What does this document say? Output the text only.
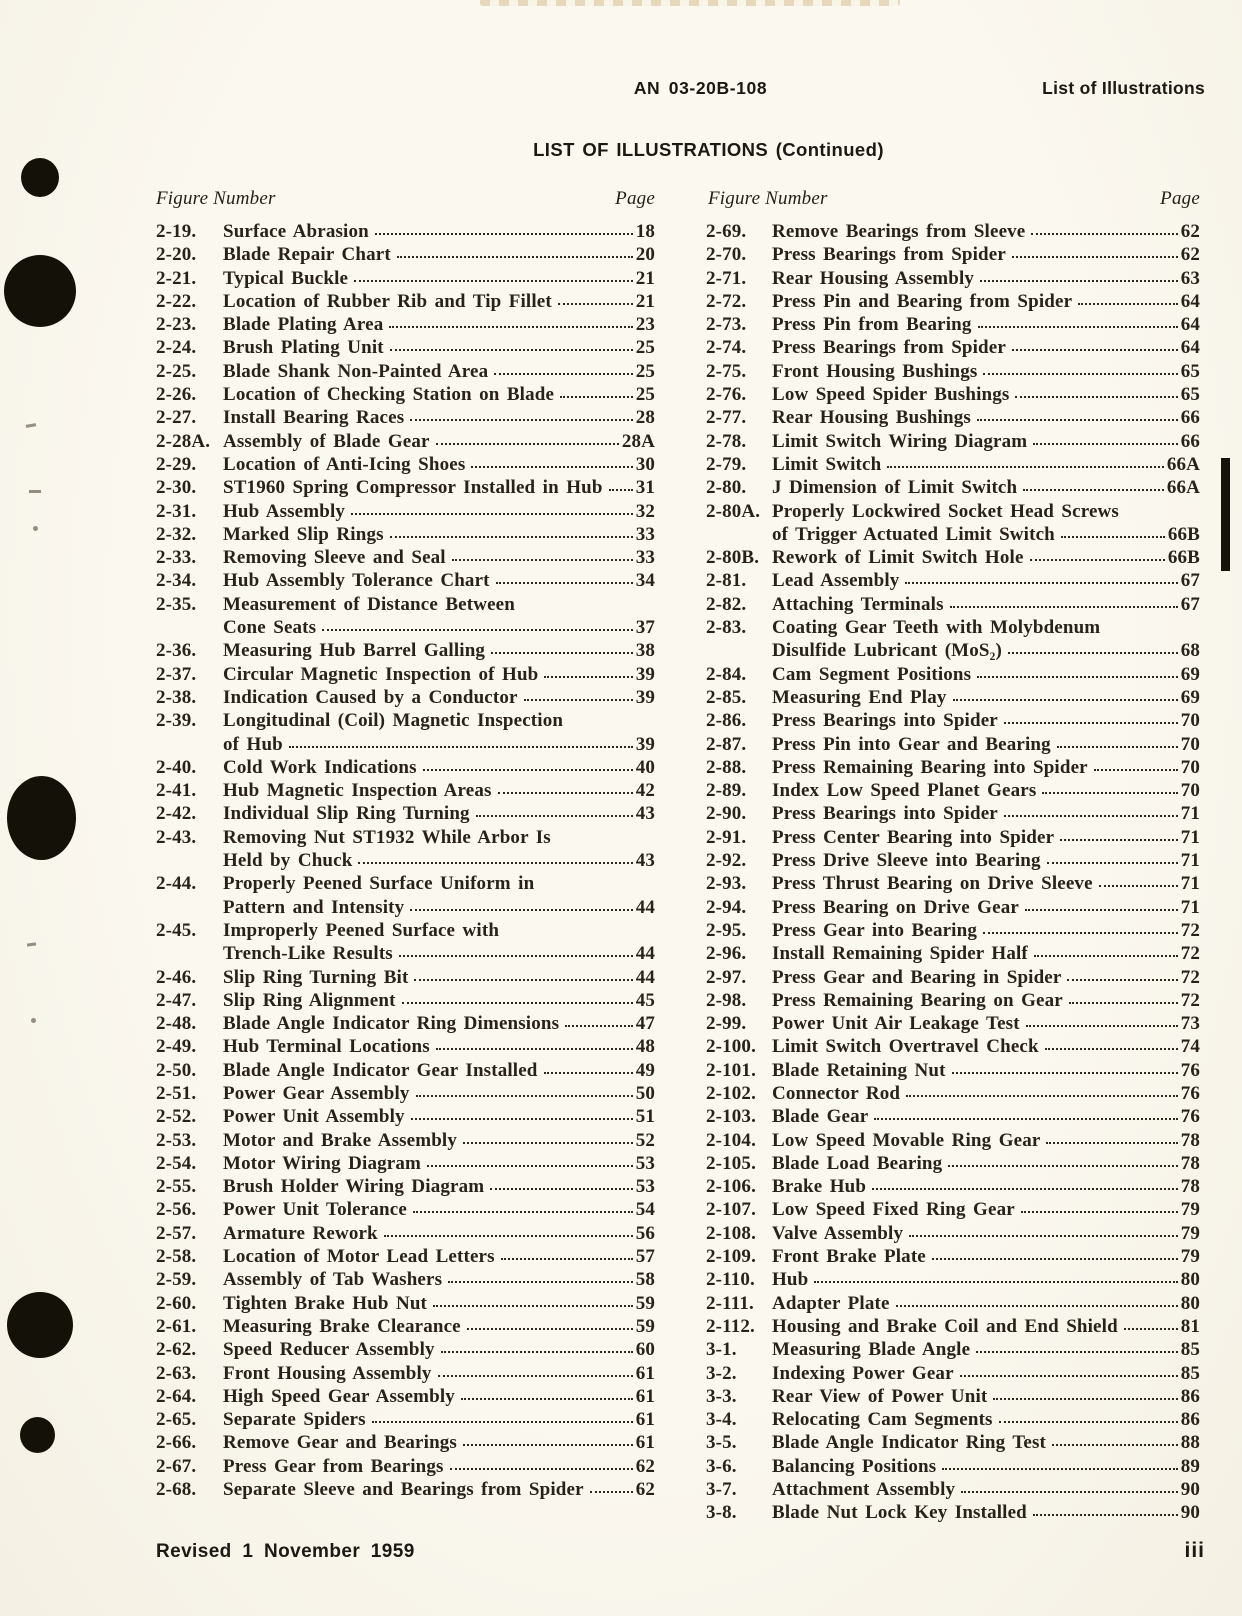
AN 03-20B-108	List of Illustrations
LIST OF ILLUSTRATIONS (Continued)
Figure Number	Page	Figure Number	Page
2-19.	Surface Abrasion	18
2-20.	Blade Repair Chart	20
2-21.	Typical Buckle	21
2-22.	Location of Rubber Rib and Tip Fillet	21
2-23.	Blade Plating Area	23
2-24.	Brush Plating Unit	25
2-25.	Blade Shank Non-Painted Area	25
2-26.	Location of Checking Station on Blade	25
2-27.	Install Bearing Races	28
2-28A. Assembly of Blade Gear	28A
2-29.	Location of Anti-Icing Shoes	30
2-30.	ST1960 Spring Compressor Installed in Hub 31
2-31.	Hub Assembly	32
2-32.	Marked Slip Rings	33
2-33.	Removing Sleeve and Seal	33
2-34.	Hub Assembly Tolerance Chart	34
2-35.	Measurement of Distance Between
Cone Seats	37
2-36.	Measuring Hub Barrel Galling	38
2-37.	Circular Magnetic Inspection of Hub	39
2-38.	Indication Caused by a Conductor	39
2-39.	Longitudinal (Coil) Magnetic Inspection
of Hub	39
2-40.	Cold Work Indications	40
2-41.	Hub Magnetic Inspection Areas	42
2-42.	Individual Slip Ring Turning	43
2-43.	Removing Nut ST1932 While Arbor Is
Held by Chuck	43
2-44.	Properly Peened Surface Uniform in
Pattern and Intensity	44
2-45.	Improperly Peened Surface with
Trench-Like Results	44
2-46.	Slip Ring Turning Bit	44
2-47.	Slip Ring Alignment	45
2-48.	Blade Angle Indicator Ring Dimensions	47
2-49.	Hub Terminal Locations	48
2-50.	Blade Angle Indicator Gear Installed	49
2-51.	Power Gear Assembly	50
2-52.	Power Unit Assembly	51
2-53.	Motor and Brake Assembly	52
2-54.	Motor Wiring Diagram	53
2-55.	Brush Holder Wiring Diagram	53
2-56.	Power Unit Tolerance	54
2-57.	Armature Rework	56
2-58.	Location of Motor Lead Letters	57
2-59.	Assembly of Tab Washers	58
2-60.	Tighten Brake Hub Nut	59
2-61.	Measuring Brake Clearance	59
2-62.	Speed Reducer Assembly	60
2-63.	Front Housing Assembly	61
2-64.	High Speed Gear Assembly	61
2-65.	Separate Spiders	61
2-66.	Remove Gear and Bearings	61
2-67.	Press Gear from Bearings	62
2-68.	Separate Sleeve and Bearings from Spider	62
2-69.	Remove Bearings from Sleeve	62
2-70.	Press Bearings from Spider	62
2-71.	Rear Housing Assembly	63
2-72.	Press Pin and Bearing from Spider	64
2-73.	Press Pin from Bearing	64
2-74.	Press Bearings from Spider	64
2-75.	Front Housing Bushings	65
2-76.	Low Speed Spider Bushings	65
2-77.	Rear Housing Bushings	66
2-78.	Limit Switch Wiring Diagram	66
2-79.	Limit Switch	66A
2-80.	J Dimension of Limit Switch	66A
2-80A. Properly Lockwired Socket Head Screws
of Trigger Actuated Limit Switch	66B
2-80B. Rework of Limit Switch Hole	66B
2-81.	Lead Assembly	67
2-82.	Attaching Terminals	67
2-83.	Coating Gear Teeth with Molybdenum
Disulfide Lubricant (MoS₂)	68
2-84.	Cam Segment Positions	69
2-85.	Measuring End Play	69
2-86.	Press Bearings into Spider	70
2-87.	Press Pin into Gear and Bearing	70
2-88.	Press Remaining Bearing into Spider	70
2-89.	Index Low Speed Planet Gears	70
2-90.	Press Bearings into Spider	71
2-91.	Press Center Bearing into Spider	71
2-92.	Press Drive Sleeve into Bearing	71
2-93.	Press Thrust Bearing on Drive Sleeve	71
2-94.	Press Bearing on Drive Gear	71
2-95.	Press Gear into Bearing	72
2-96.	Install Remaining Spider Half	72
2-97.	Press Gear and Bearing in Spider	72
2-98.	Press Remaining Bearing on Gear	72
2-99.	Power Unit Air Leakage Test	73
2-100. Limit Switch Overtravel Check	74
2-101. Blade Retaining Nut	76
2-102. Connector Rod	76
2-103. Blade Gear	76
2-104. Low Speed Movable Ring Gear	78
2-105. Blade Load Bearing	78
2-106. Brake Hub	78
2-107. Low Speed Fixed Ring Gear	79
2-108. Valve Assembly	79
2-109. Front Brake Plate	79
2-110. Hub	80
2-111. Adapter Plate	80
2-112. Housing and Brake Coil and End Shield	81
3-1.	Measuring Blade Angle	85
3-2.	Indexing Power Gear	85
3-3.	Rear View of Power Unit	86
3-4.	Relocating Cam Segments	86
3-5.	Blade Angle Indicator Ring Test	88
3-6.	Balancing Positions	89
3-7.	Attachment Assembly	90
3-8.	Blade Nut Lock Key Installed	90
Revised 1 November 1959	iii
